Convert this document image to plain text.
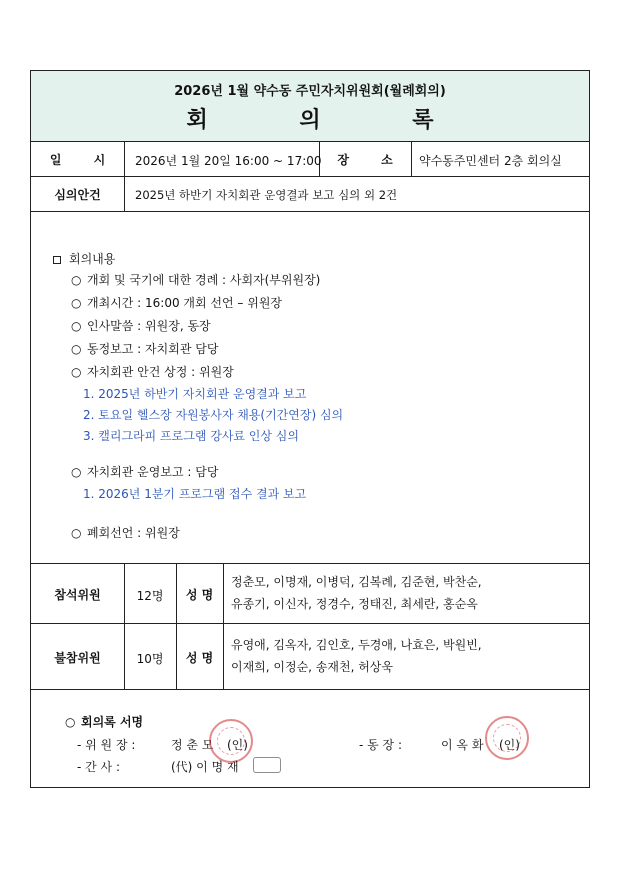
2026년 1월 약수동 주민자치위원회(월례회의)
회 의 록
일 시	2026년 1월 20일 16:00 ~ 17:00	장 소	약수동주민센터 2층 회의실
심의안건	2025년 하반기 자치회관 운영결과 보고 심의 외 2건
회의내용
○ 개회 및 국기에 대한 경례 : 사회자(부위원장)
○ 개최시간 : 16:00 개회 선언 – 위원장
○ 인사말씀 : 위원장, 동장
○ 동정보고 : 자치회관 담당
○ 자치회관 안건 상정 : 위원장
1. 2025년 하반기 자치회관 운영결과 보고
2. 토요일 헬스장 자원봉사자 채용(기간연장) 심의
3. 캘리그라피 프로그램 강사료 인상 심의
○ 자치회관 운영보고 : 담당
1. 2026년 1분기 프로그램 접수 결과 보고
○ 폐회선언 : 위원장
참석위원	12명	성 명
정춘모, 이명재, 이병덕, 김복례, 김준현, 박찬순,
유종기, 이신자, 정경수, 정태진, 최세란, 홍순옥
불참위원	10명	성 명
유영애, 김옥자, 김인호, 두경애, 나효은, 박원빈,
이재희, 이정순, 송재천, 허상욱
○ 회의록 서명
- 위 원 장 :	정 춘 모 (인)	- 동 장 :	이 옥 화 (인)
- 간 사 :	(代) 이 명 재
